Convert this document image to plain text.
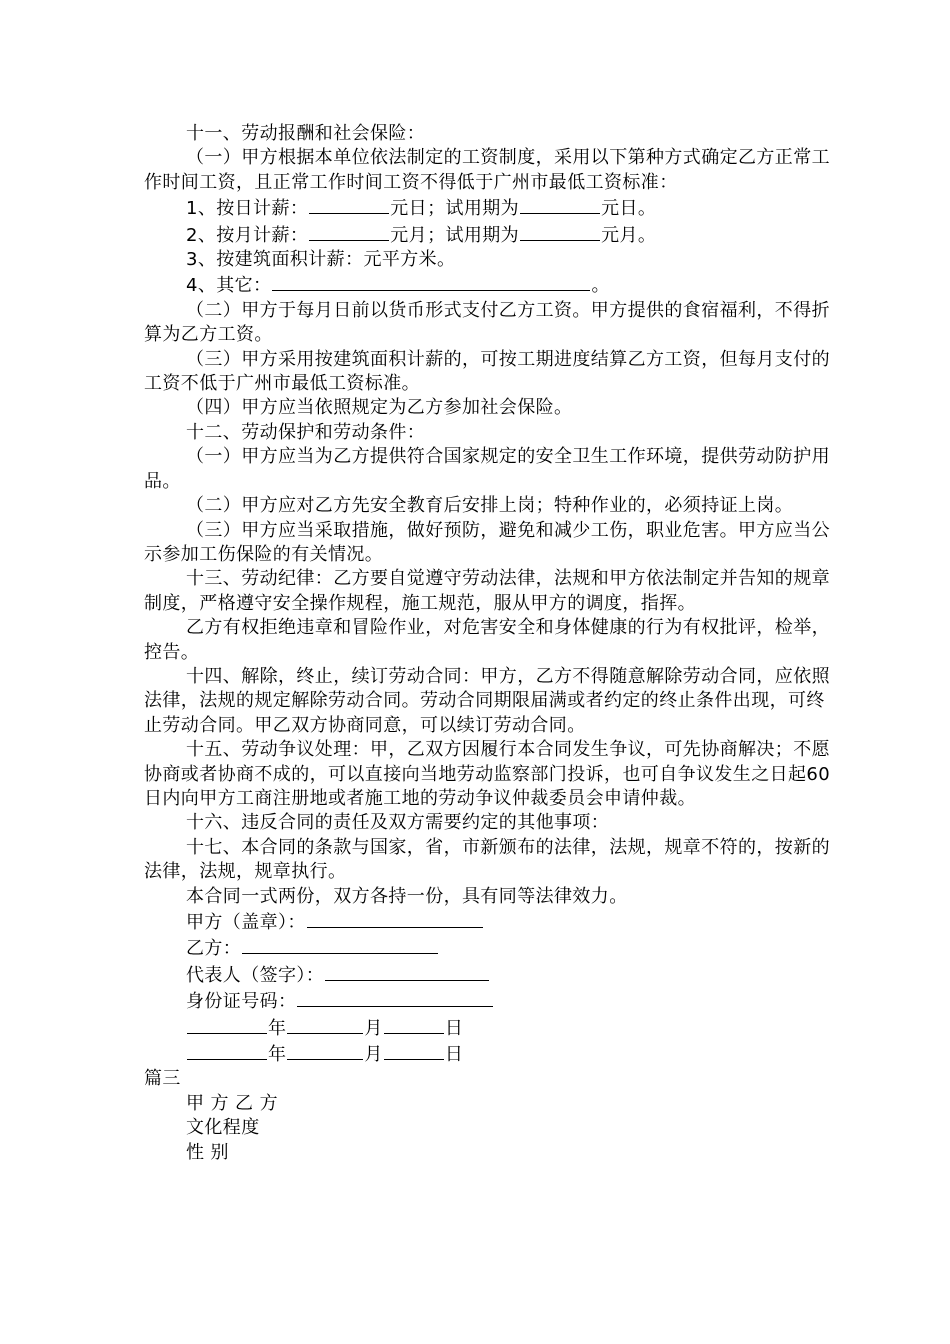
十一、劳动报酬和社会保险：

（一）甲方根据本单位依法制定的工资制度，采用以下第种方式确定乙方正常工作时间工资，且正常工作时间工资不得低于广州市最低工资标准：

1、按日计薪：	元日；试用期为	元日。

2、按月计薪：	元月；试用期为	元月。

3、按建筑面积计薪：元平方米。

4、其它：	。

（二）甲方于每月日前以货币形式支付乙方工资。甲方提供的食宿福利，不得折算为乙方工资。

（三）甲方采用按建筑面积计薪的，可按工期进度结算乙方工资，但每月支付的工资不低于广州市最低工资标准。

（四）甲方应当依照规定为乙方参加社会保险。

十二、劳动保护和劳动条件：

（一）甲方应当为乙方提供符合国家规定的安全卫生工作环境，提供劳动防护用品。

（二）甲方应对乙方先安全教育后安排上岗；特种作业的，必须持证上岗。

（三）甲方应当采取措施，做好预防，避免和减少工伤，职业危害。甲方应当公示参加工伤保险的有关情况。

十三、劳动纪律：乙方要自觉遵守劳动法律，法规和甲方依法制定并告知的规章制度，严格遵守安全操作规程，施工规范，服从甲方的调度，指挥。

乙方有权拒绝违章和冒险作业，对危害安全和身体健康的行为有权批评，检举，控告。

十四、解除，终止，续订劳动合同：甲方，乙方不得随意解除劳动合同，应依照法律，法规的规定解除劳动合同。劳动合同期限届满或者约定的终止条件出现，可终止劳动合同。甲乙双方协商同意，可以续订劳动合同。

十五、劳动争议处理：甲，乙双方因履行本合同发生争议，可先协商解决；不愿协商或者协商不成的，可以直接向当地劳动监察部门投诉，也可自争议发生之日起60日内向甲方工商注册地或者施工地的劳动争议仲裁委员会申请仲裁。

十六、违反合同的责任及双方需要约定的其他事项：

十七、本合同的条款与国家，省，市新颁布的法律，法规，规章不符的，按新的法律，法规，规章执行。

本合同一式两份，双方各持一份，具有同等法律效力。

甲方（盖章）：

乙方：

代表人（签字）：

身份证号码：

年	月	日

年	月	日

篇三

甲 方 乙 方

文化程度

性 别
